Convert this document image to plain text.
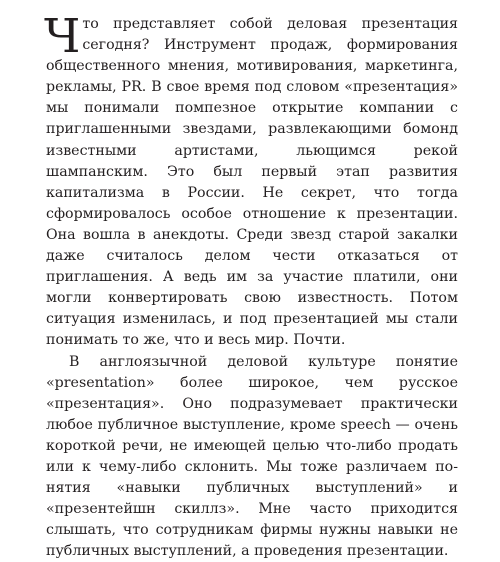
Что представляет собой деловая презентация сегодня? Инструмент продаж, формирования общественного мнения, мотивирования, маркетинга, рекламы, PR. В свое время под словом «презентация» мы понимали помпезное открытие компании с приглашенными звездами, развлекающими бомонд известными артистами, льющимся рекой шампанским. Это был первый этап развития капитализма в России. Не секрет, что тогда сформировалось особое отношение к презентации. Она вошла в анекдоты. Среди звезд старой закалки даже считалось делом чести отказаться от приглашения. А ведь им за участие платили, они могли конвертировать свою известность. Потом ситуация изменилась, и под презентацией мы стали понимать то же, что и весь мир. Почти.

В англоязычной деловой культуре понятие «presentation» более широкое, чем русское «презентация». Оно подразумевает практически любое публичное выступление, кроме speech — очень короткой речи, не имеющей целью что-либо продать или к чему-либо склонить. Мы тоже различаем понятия «навыки публичных выступлений» и «презентейшн скиллз». Мне часто приходится слышать, что сотрудникам фирмы нужны навыки не публичных выступлений, а проведения презентации.
